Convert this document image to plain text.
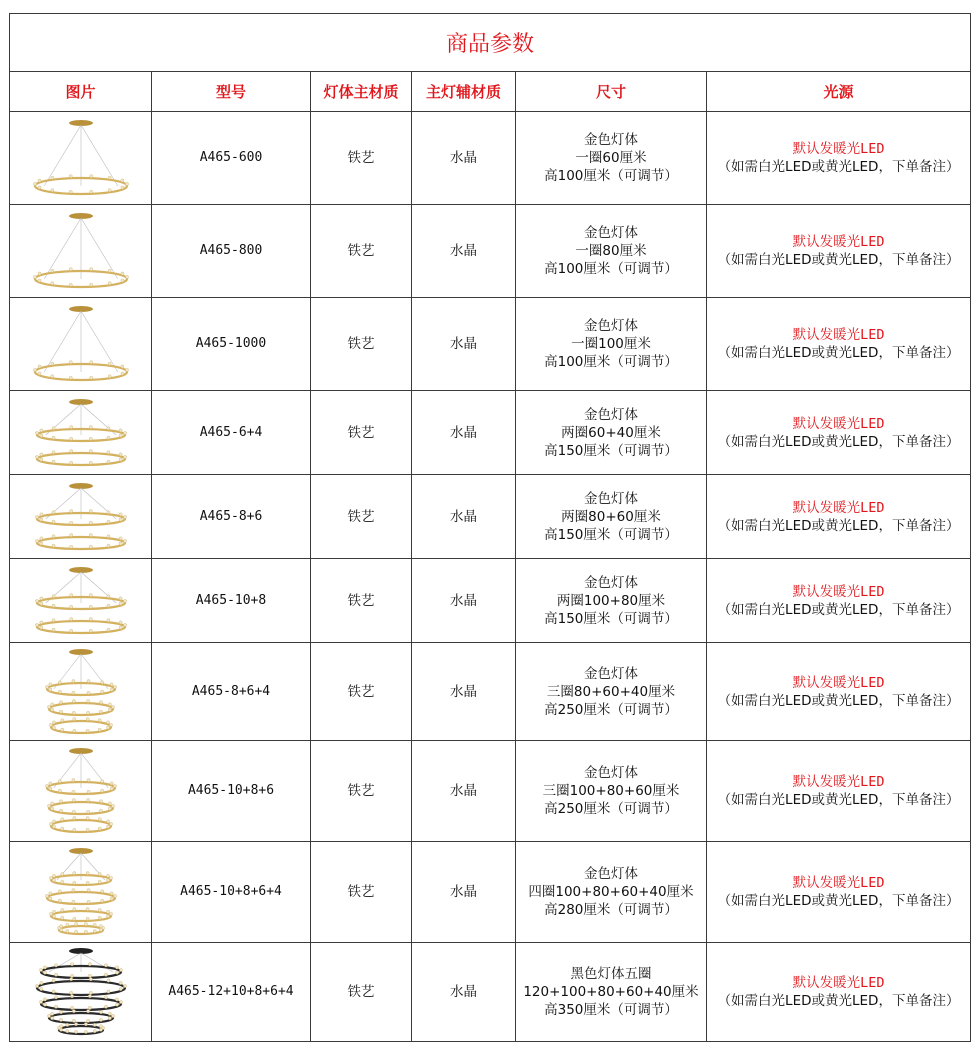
商品参数					
图片	型号	灯体主材质	主灯辅材质	尺寸	光源

	A465-600	铁艺	水晶	金色灯体
一圈60厘米
高100厘米（可调节）	默认发暖光LED
（如需白光LED或黄光LED，下单备注）

	A465-800	铁艺	水晶	金色灯体
一圈80厘米
高100厘米（可调节）	默认发暖光LED
（如需白光LED或黄光LED，下单备注）

	A465-1000	铁艺	水晶	金色灯体
一圈100厘米
高100厘米（可调节）	默认发暖光LED
（如需白光LED或黄光LED，下单备注）

	A465-6+4	铁艺	水晶	金色灯体
两圈60+40厘米
高150厘米（可调节）	默认发暖光LED
（如需白光LED或黄光LED，下单备注）

	A465-8+6	铁艺	水晶	金色灯体
两圈80+60厘米
高150厘米（可调节）	默认发暖光LED
（如需白光LED或黄光LED，下单备注）

	A465-10+8	铁艺	水晶	金色灯体
两圈100+80厘米
高150厘米（可调节）	默认发暖光LED
（如需白光LED或黄光LED，下单备注）

	A465-8+6+4	铁艺	水晶	金色灯体
三圈80+60+40厘米
高250厘米（可调节）	默认发暖光LED
（如需白光LED或黄光LED，下单备注）

	A465-10+8+6	铁艺	水晶	金色灯体
三圈100+80+60厘米
高250厘米（可调节）	默认发暖光LED
（如需白光LED或黄光LED，下单备注）

	A465-10+8+6+4	铁艺	水晶	金色灯体
四圈100+80+60+40厘米
高280厘米（可调节）	默认发暖光LED
（如需白光LED或黄光LED，下单备注）

	A465-12+10+8+6+4	铁艺	水晶	黑色灯体五圈
120+100+80+60+40厘米
高350厘米（可调节）	默认发暖光LED
（如需白光LED或黄光LED，下单备注）
